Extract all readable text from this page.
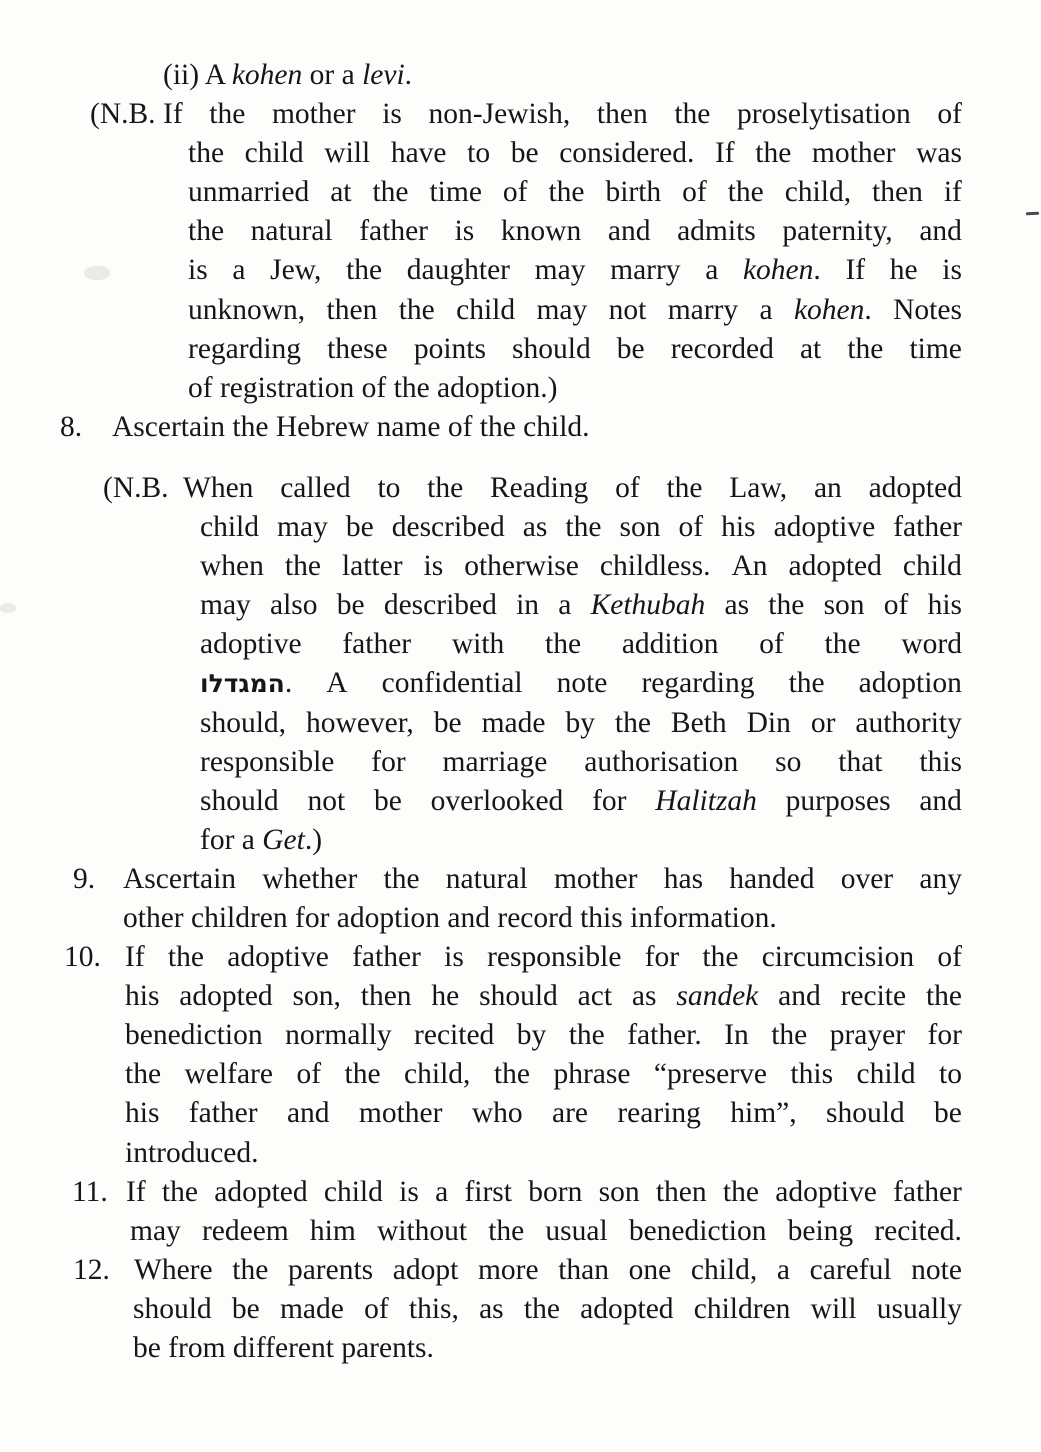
(ii) A kohen or a levi.
(N.B. If the mother is non-Jewish, then the proselytisation of
the child will have to be considered. If the mother was
unmarried at the time of the birth of the child, then if
the natural father is known and admits paternity, and
is a Jew, the daughter may marry a kohen. If he is
unknown, then the child may not marry a kohen. Notes
regarding these points should be recorded at the time
of registration of the adoption.)
8. Ascertain the Hebrew name of the child.
(N.B. When called to the Reading of the Law, an adopted
child may be described as the son of his adoptive father
when the latter is otherwise childless. An adopted child
may also be described in a Kethubah as the son of his
adoptive father with the addition of the word
המגדלו. A confidential note regarding the adoption
should, however, be made by the Beth Din or authority
responsible for marriage authorisation so that this
should not be overlooked for Halitzah purposes and
for a Get.)
9. Ascertain whether the natural mother has handed over any
other children for adoption and record this information.
10. If the adoptive father is responsible for the circumcision of
his adopted son, then he should act as sandek and recite the
benediction normally recited by the father. In the prayer for
the welfare of the child, the phrase “preserve this child to
his father and mother who are rearing him”, should be
introduced.
11. If the adopted child is a first born son then the adoptive father
may redeem him without the usual benediction being recited.
12. Where the parents adopt more than one child, a careful note
should be made of this, as the adopted children will usually
be from different parents.
